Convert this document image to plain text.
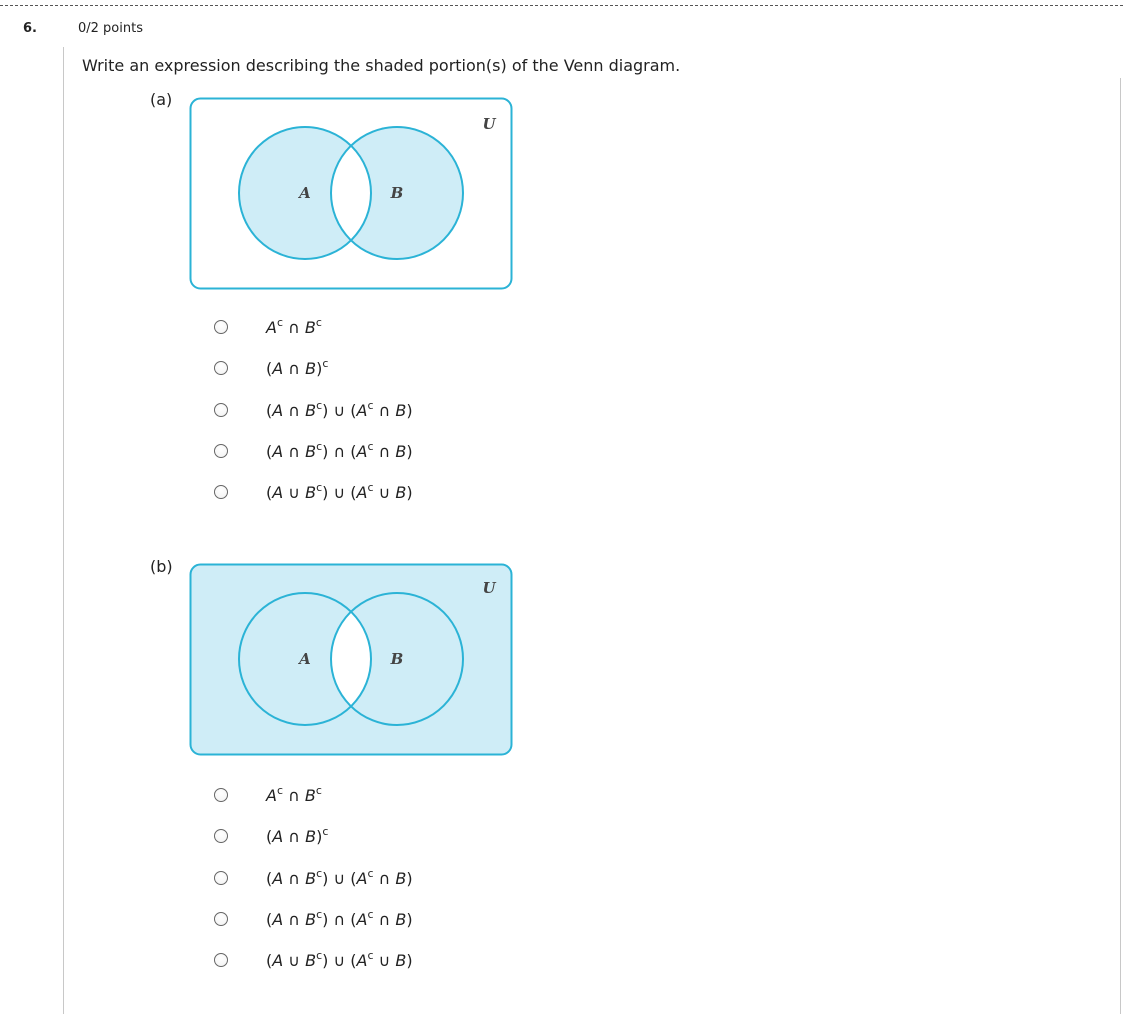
6.	0/2 points
Write an expression describing the shaded portion(s) of the Venn diagram.
(a)
A	B
U
$A^c$ ∩ $B^c$
(A ∩ B)$^c$
(A ∩ $B^c$) ∪ ($A^c$ ∩ B)
(A ∩ $B^c$) ∩ ($A^c$ ∩ B)
(A ∪ $B^c$) ∪ ($A^c$ ∪ B)
(b)
A	B
U
$A^c$ ∩ $B^c$
(A ∩ B)$^c$
(A ∩ $B^c$) ∪ ($A^c$ ∩ B)
(A ∩ $B^c$) ∩ ($A^c$ ∩ B)
(A ∪ $B^c$) ∪ ($A^c$ ∪ B)
